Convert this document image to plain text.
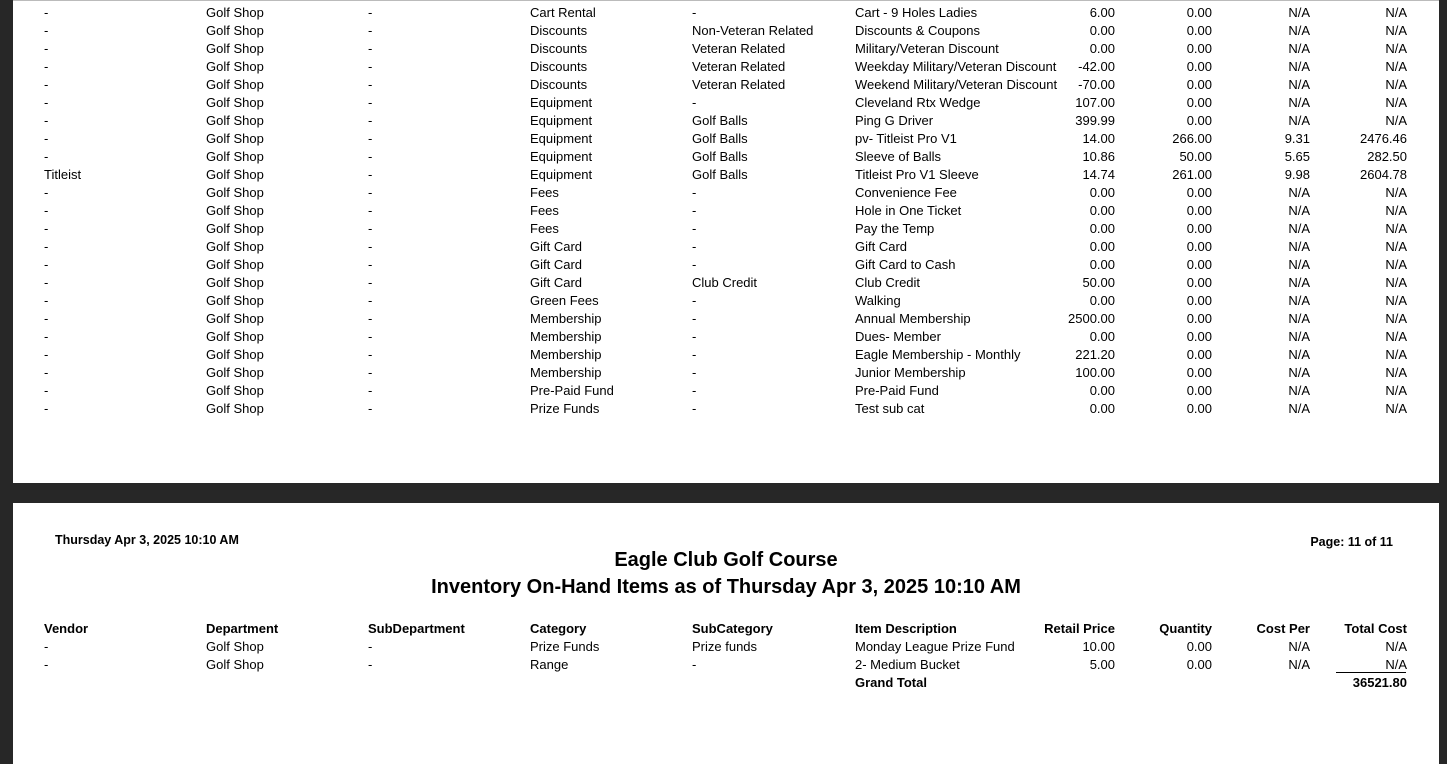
-	Golf Shop	-	Cart Rental	-	Cart - 9 Holes Ladies	6.00	0.00	N/A	N/A
-	Golf Shop	-	Discounts	Non-Veteran Related	Discounts & Coupons	0.00	0.00	N/A	N/A
-	Golf Shop	-	Discounts	Veteran Related	Military/Veteran Discount	0.00	0.00	N/A	N/A
-	Golf Shop	-	Discounts	Veteran Related	Weekday Military/Veteran Discount -42.00	0.00	N/A	N/A
-	Golf Shop	-	Discounts	Veteran Related	Weekend Military/Veteran Discount -70.00	0.00	N/A	N/A
-	Golf Shop	-	Equipment	-	Cleveland Rtx Wedge	107.00	0.00	N/A	N/A
-	Golf Shop	-	Equipment	Golf Balls	Ping G Driver	399.99	0.00	N/A	N/A
-	Golf Shop	-	Equipment	Golf Balls	pv- Titleist Pro V1	14.00	266.00	9.31	2476.46
-	Golf Shop	-	Equipment	Golf Balls	Sleeve of Balls	10.86	50.00	5.65	282.50
Titleist	Golf Shop	-	Equipment	Golf Balls	Titleist Pro V1 Sleeve	14.74	261.00	9.98	2604.78
-	Golf Shop	-	Fees	-	Convenience Fee	0.00	0.00	N/A	N/A
-	Golf Shop	-	Fees	-	Hole in One Ticket	0.00	0.00	N/A	N/A
-	Golf Shop	-	Fees	-	Pay the Temp	0.00	0.00	N/A	N/A
-	Golf Shop	-	Gift Card	-	Gift Card	0.00	0.00	N/A	N/A
-	Golf Shop	-	Gift Card	-	Gift Card to Cash	0.00	0.00	N/A	N/A
-	Golf Shop	-	Gift Card	Club Credit	Club Credit	50.00	0.00	N/A	N/A
-	Golf Shop	-	Green Fees	-	Walking	0.00	0.00	N/A	N/A
-	Golf Shop	-	Membership	-	Annual Membership	2500.00	0.00	N/A	N/A
-	Golf Shop	-	Membership	-	Dues- Member	0.00	0.00	N/A	N/A
-	Golf Shop	-	Membership	-	Eagle Membership - Monthly	221.20	0.00	N/A	N/A
-	Golf Shop	-	Membership	-	Junior Membership	100.00	0.00	N/A	N/A
-	Golf Shop	-	Pre-Paid Fund	-	Pre-Paid Fund	0.00	0.00	N/A	N/A
-	Golf Shop	-	Prize Funds	-	Test sub cat	0.00	0.00	N/A	N/A
Thursday Apr 3, 2025 10:10 AM	Page: 11 of 11
Eagle Club Golf Course
Inventory On-Hand Items as of Thursday Apr 3, 2025 10:10 AM
Vendor	Department	SubDepartment	Category	SubCategory	Item Description	Retail Price	Quantity	Cost Per	Total Cost
-	Golf Shop	-	Prize Funds	Prize funds	Monday League Prize Fund	10.00	0.00	N/A	N/A
-	Golf Shop	-	Range	-	2- Medium Bucket	5.00	0.00	N/A	N/A
Grand Total	36521.80
